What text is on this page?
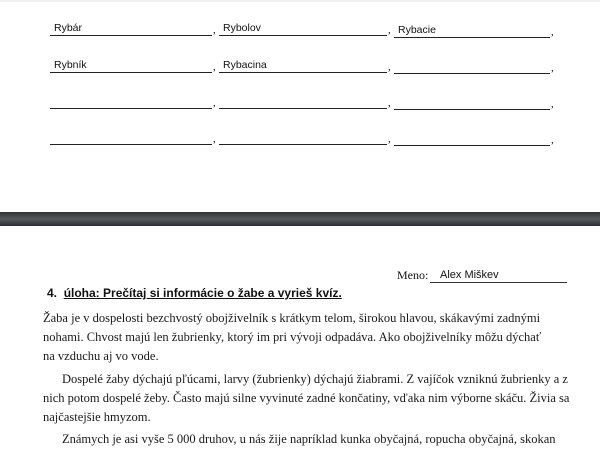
Rybár	, Rybolov	, Rybacie	,
Rybník	, Rybacina	,	,
,	,	,
,	,	,
Meno: Alex Miškev
4. úloha: Prečítaj si informácie o žabe a vyrieš kvíz.
Žaba je v dospelosti bezchvostý obojživelník s krátkym telom, širokou hlavou, skákavými zadnými
nohami. Chvost majú len žubrienky, ktorý im pri vývoji odpadáva. Ako obojživelníky môžu dýchať
na vzduchu aj vo vode.
Dospelé žaby dýchajú pľúcami, larvy (žubrienky) dýchajú žiabrami. Z vajíčok vzniknú žubrienky a z
nich potom dospelé žeby. Často majú silne vyvinuté zadné končatiny, vďaka nim výborne skáču. Živia sa
najčastejšie hmyzom.
Známych je asi vyše 5 000 druhov, u nás žije napríklad kunka obyčajná, ropucha obyčajná, skokan
